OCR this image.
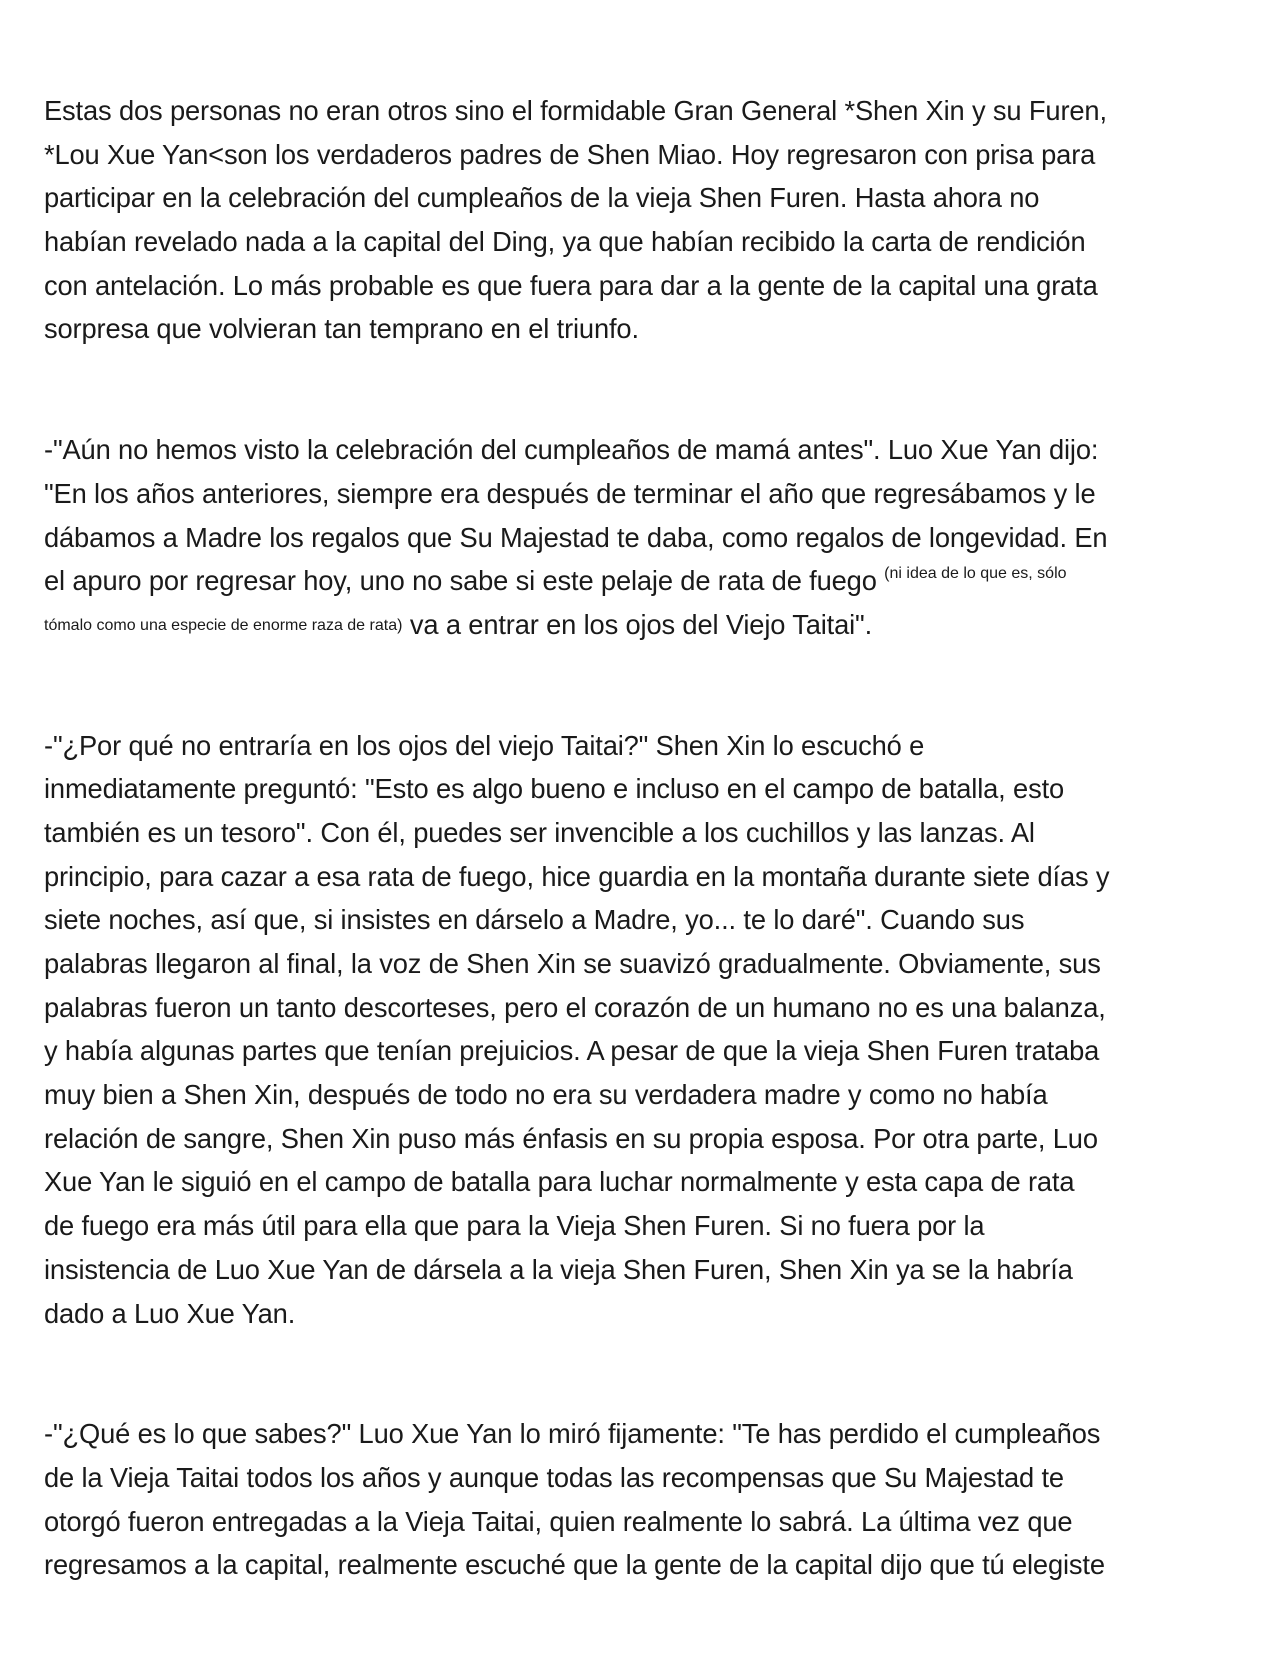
Estas dos personas no eran otros sino el formidable Gran General *Shen Xin y su Furen,
*Lou Xue Yan<son los verdaderos padres de Shen Miao. Hoy regresaron con prisa para
participar en la celebración del cumpleaños de la vieja Shen Furen. Hasta ahora no
habían revelado nada a la capital del Ding, ya que habían recibido la carta de rendición
con antelación. Lo más probable es que fuera para dar a la gente de la capital una grata
sorpresa que volvieran tan temprano en el triunfo.

-"Aún no hemos visto la celebración del cumpleaños de mamá antes". Luo Xue Yan dijo:
"En los años anteriores, siempre era después de terminar el año que regresábamos y le
dábamos a Madre los regalos que Su Majestad te daba, como regalos de longevidad. En
el apuro por regresar hoy, uno no sabe si este pelaje de rata de fuego $^{(ni idea de lo que es, sólo}$
tómalo como una especie de enorme raza de rata) va a entrar en los ojos del Viejo Taitai".

-"¿Por qué no entraría en los ojos del viejo Taitai?" Shen Xin lo escuchó e
inmediatamente preguntó: "Esto es algo bueno e incluso en el campo de batalla, esto
también es un tesoro". Con él, puedes ser invencible a los cuchillos y las lanzas. Al
principio, para cazar a esa rata de fuego, hice guardia en la montaña durante siete días y
siete noches, así que, si insistes en dárselo a Madre, yo... te lo daré". Cuando sus
palabras llegaron al final, la voz de Shen Xin se suavizó gradualmente. Obviamente, sus
palabras fueron un tanto descorteses, pero el corazón de un humano no es una balanza,
y había algunas partes que tenían prejuicios. A pesar de que la vieja Shen Furen trataba
muy bien a Shen Xin, después de todo no era su verdadera madre y como no había
relación de sangre, Shen Xin puso más énfasis en su propia esposa. Por otra parte, Luo
Xue Yan le siguió en el campo de batalla para luchar normalmente y esta capa de rata
de fuego era más útil para ella que para la Vieja Shen Furen. Si no fuera por la
insistencia de Luo Xue Yan de dársela a la vieja Shen Furen, Shen Xin ya se la habría
dado a Luo Xue Yan.

-"¿Qué es lo que sabes?" Luo Xue Yan lo miró fijamente: "Te has perdido el cumpleaños
de la Vieja Taitai todos los años y aunque todas las recompensas que Su Majestad te
otorgó fueron entregadas a la Vieja Taitai, quien realmente lo sabrá. La última vez que
regresamos a la capital, realmente escuché que la gente de la capital dijo que tú elegiste
